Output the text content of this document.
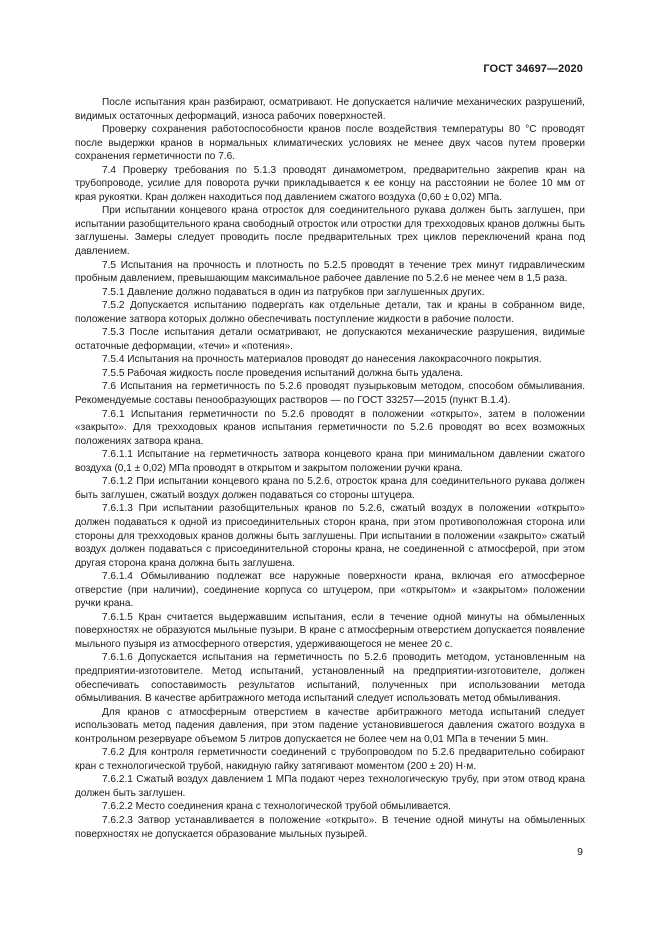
ГОСТ 34697—2020

После испытания кран разбирают, осматривают. Не допускается наличие механических разрушений, видимых остаточных деформаций, износа рабочих поверхностей.

Проверку сохранения работоспособности кранов после воздействия температуры 80 °С проводят после выдержки кранов в нормальных климатических условиях не менее двух часов путем проверки сохранения герметичности по 7.6.

7.4 Проверку требования по 5.1.3 проводят динамометром, предварительно закрепив кран на трубопроводе, усилие для поворота ручки прикладывается к ее концу на расстоянии не более 10 мм от края рукоятки. Кран должен находиться под давлением сжатого воздуха (0,60 ± 0,02) МПа.

При испытании концевого крана отросток для соединительного рукава должен быть заглушен, при испытании разобщительного крана свободный отросток или отростки для трехходовых кранов должны быть заглушены. Замеры следует проводить после предварительных трех циклов переключений крана под давлением.

7.5 Испытания на прочность и плотность по 5.2.5 проводят в течение трех минут гидравлическим пробным давлением, превышающим максимальное рабочее давление по 5.2.6 не менее чем в 1,5 раза.

7.5.1 Давление должно подаваться в один из патрубков при заглушенных других.

7.5.2 Допускается испытанию подвергать как отдельные детали, так и краны в собранном виде, положение затвора которых должно обеспечивать поступление жидкости в рабочие полости.

7.5.3 После испытания детали осматривают, не допускаются механические разрушения, видимые остаточные деформации, «течи» и «потения».

7.5.4 Испытания на прочность материалов проводят до нанесения лакокрасочного покрытия.

7.5.5 Рабочая жидкость после проведения испытаний должна быть удалена.

7.6 Испытания на герметичность по 5.2.6 проводят пузырьковым методом, способом обмыливания. Рекомендуемые составы пенообразующих растворов — по ГОСТ 33257—2015 (пункт В.1.4).

7.6.1 Испытания герметичности по 5.2.6 проводят в положении «открыто», затем в положении «закрыто». Для трехходовых кранов испытания герметичности по 5.2.6 проводят во всех возможных положениях затвора крана.

7.6.1.1 Испытание на герметичность затвора концевого крана при минимальном давлении сжатого воздуха (0,1 ± 0,02) МПа проводят в открытом и закрытом положении ручки крана.

7.6.1.2 При испытании концевого крана по 5.2.6, отросток крана для соединительного рукава должен быть заглушен, сжатый воздух должен подаваться со стороны штуцера.

7.6.1.3 При испытании разобщительных кранов по 5.2.6, сжатый воздух в положении «открыто» должен подаваться к одной из присоединительных сторон крана, при этом противоположная сторона или стороны для трехходовых кранов должны быть заглушены. При испытании в положении «закрыто» сжатый воздух должен подаваться с присоединительной стороны крана, не соединенной с атмосферой, при этом другая сторона крана должна быть заглушена.

7.6.1.4 Обмыливанию подлежат все наружные поверхности крана, включая его атмосферное отверстие (при наличии), соединение корпуса со штуцером, при «открытом» и «закрытом» положении ручки крана.

7.6.1.5 Кран считается выдержавшим испытания, если в течение одной минуты на обмыленных поверхностях не образуются мыльные пузыри. В кране с атмосферным отверстием допускается появление мыльного пузыря из атмосферного отверстия, удерживающегося не менее 20 с.

7.6.1.6 Допускается испытания на герметичность по 5.2.6 проводить методом, установленным на предприятии-изготовителе. Метод испытаний, установленный на предприятии-изготовителе, должен обеспечивать сопоставимость результатов испытаний, полученных при использовании метода обмыливания. В качестве арбитражного метода испытаний следует использовать метод обмыливания.

Для кранов с атмосферным отверстием в качестве арбитражного метода испытаний следует использовать метод падения давления, при этом падение установившегося давления сжатого воздуха в контрольном резервуаре объемом 5 литров допускается не более чем на 0,01 МПа в течении 5 мин.

7.6.2 Для контроля герметичности соединений с трубопроводом по 5.2.6 предварительно собирают кран с технологической трубой, накидную гайку затягивают моментом (200 ± 20) Н·м.

7.6.2.1 Сжатый воздух давлением 1 МПа подают через технологическую трубу, при этом отвод крана должен быть заглушен.

7.6.2.2 Место соединения крана с технологической трубой обмыливается.

7.6.2.3 Затвор устанавливается в положение «открыто». В течение одной минуты на обмыленных поверхностях не допускается образование мыльных пузырей.

9
